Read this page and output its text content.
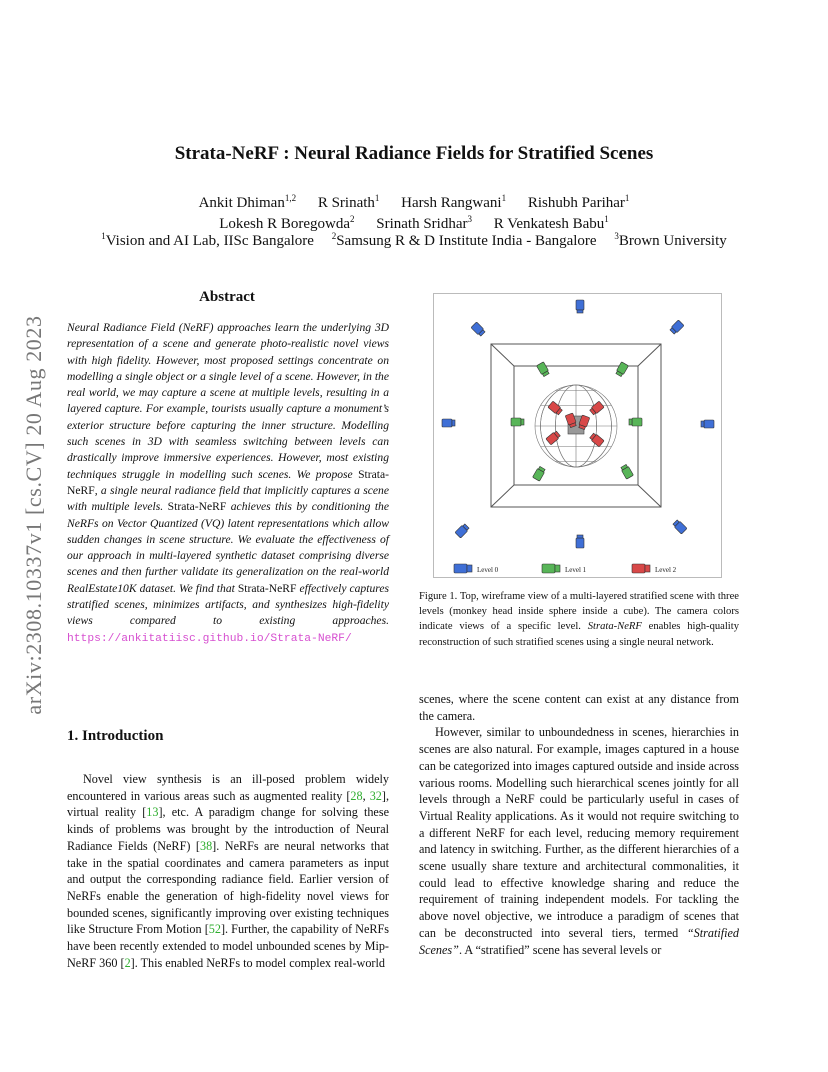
arXiv:2308.10337v1 [cs.CV] 20 Aug 2023
Strata-NeRF : Neural Radiance Fields for Stratified Scenes
Ankit Dhiman$^{1,2}$ R Srinath$^1$ Harsh Rangwani$^1$ Rishubh Parihar$^1$
Lokesh R Boregowda$^2$ Srinath Sridhar$^3$ R Venkatesh Babu$^1$
$^1$Vision and AI Lab, IISc Bangalore $^2$Samsung R & D Institute India - Bangalore $^3$Brown University
Abstract
Neural Radiance Field (NeRF) approaches learn the underlying 3D representation of a scene and generate photo-realistic novel views with high fidelity. However, most proposed settings concentrate on modelling a single object or a single level of a scene. However, in the real world, we may capture a scene at multiple levels, resulting in a layered capture. For example, tourists usually capture a monument’s exterior structure before capturing the inner structure. Modelling such scenes in 3D with seamless switching between levels can drastically improve immersive experiences. However, most existing techniques struggle in modelling such scenes. We propose Strata-NeRF, a single neural radiance field that implicitly captures a scene with multiple levels. Strata-NeRF achieves this by conditioning the NeRFs on Vector Quantized (VQ) latent representations which allow sudden changes in scene structure. We evaluate the effectiveness of our approach in multi-layered synthetic dataset comprising diverse scenes and then further validate its generalization on the real-world RealEstate10K dataset. We find that Strata-NeRF effectively captures stratified scenes, minimizes artifacts, and synthesizes high-fidelity views compared to existing approaches. https://ankitatiisc.github.io/Strata-NeRF/
1. Introduction

Novel view synthesis is an ill-posed problem widely encountered in various areas such as augmented reality [28, 32], virtual reality [13], etc. A paradigm change for solving these kinds of problems was brought by the introduction of Neural Radiance Fields (NeRF) [38]. NeRFs are neural networks that take in the spatial coordinates and camera parameters as input and output the corresponding radiance field. Earlier version of NeRFs enable the generation of high-fidelity novel views for bounded scenes, significantly improving over existing techniques like Structure From Motion [52]. Further, the capability of NeRFs have been recently extended to model unbounded scenes by Mip-NeRF 360 [2]. This enabled NeRFs to model complex real-world

Level 0	Level 1	Level 2
Figure 1. Top, wireframe view of a multi-layered stratified scene with three levels (monkey head inside sphere inside a cube). The camera colors indicate views of a specific level. Strata-NeRF enables high-quality reconstruction of such stratified scenes using a single neural network.

scenes, where the scene content can exist at any distance from the camera.

However, similar to unboundedness in scenes, hierarchies in scenes are also natural. For example, images captured in a house can be categorized into images captured outside and inside across various rooms. Modelling such hierarchical scenes jointly for all levels through a NeRF could be particularly useful in cases of Virtual Reality applications. As it would not require switching to a different NeRF for each level, reducing memory requirement and latency in switching. Further, as the different hierarchies of a scene usually share texture and architectural commonalities, it could lead to effective knowledge sharing and reduce the requirement of training independent models. For tackling the above novel objective, we introduce a paradigm of scenes that can be deconstructed into several tiers, termed “Stratified Scenes”. A “stratified” scene has several levels or
